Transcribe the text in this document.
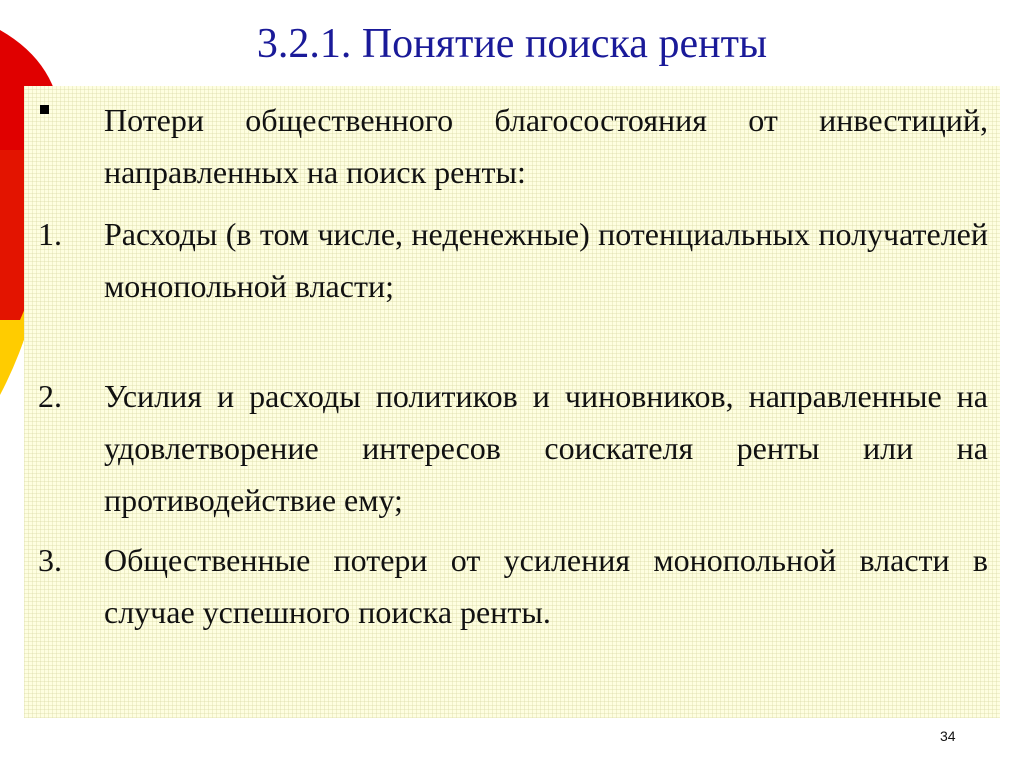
3.2.1. Понятие поиска ренты
Потери общественного благосостояния от инвестиций, направленных на поиск ренты:
1.	Расходы (в том числе, неденежные) потенциальных получателей монопольной власти;
2.	Усилия и расходы политиков и чиновников, направленные на удовлетворение интересов соискателя ренты или на противодействие ему;
3.	Общественные потери от усиления монопольной власти в случае успешного поиска ренты.
34
